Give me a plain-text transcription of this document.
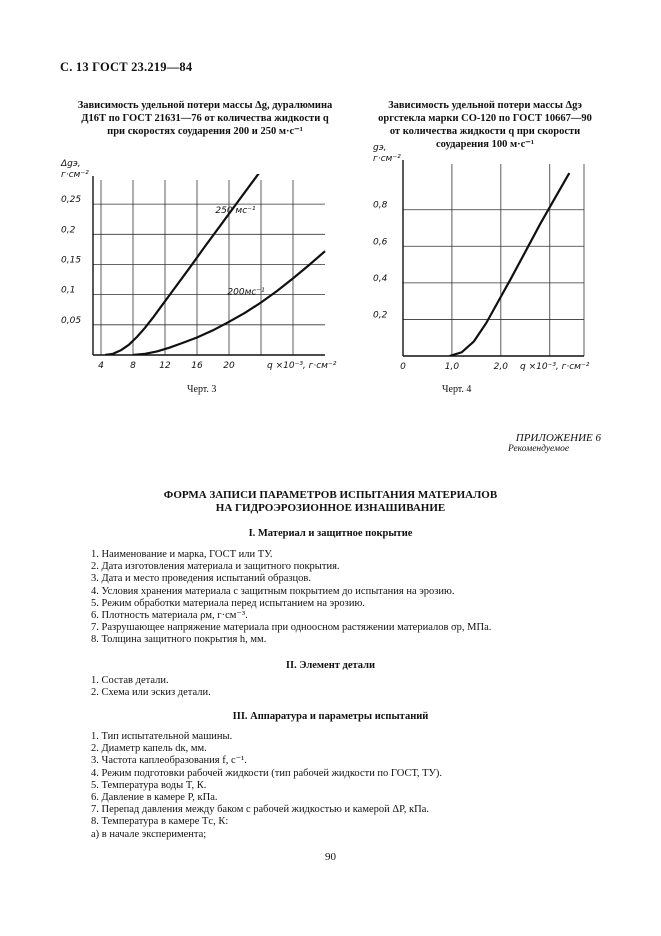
С. 13 ГОСТ 23.219—84
Зависимость удельной потери массы Δg, дуралюмина
Д16Т по ГОСТ 21631—76 от количества жидкости q
при скоростях соударения 200 и 250 м·с⁻¹
Зависимость удельной потери массы Δgэ
оргстекла марки СО-120 по ГОСТ 10667—90
от количества жидкости q при скорости
соударения 100 м·с⁻¹
0,05
0,1
0,15
0,2
0,25
4	8	12 16 20
Δgэ,
г·см⁻²
q ×10⁻³, г·см⁻²
250 мс⁻¹
200мс⁻¹
0,2
0,4
0,6
0,8
0	1,0	2,0
gэ,
г·см⁻²
q ×10⁻³, г·см⁻²
Черт. 3	Черт. 4
ПРИЛОЖЕНИЕ 6
Рекомендуемое
ФОРМА ЗАПИСИ ПАРАМЕТРОВ ИСПЫТАНИЯ МАТЕРИАЛОВ
НА ГИДРОЭРОЗИОННОЕ ИЗНАШИВАНИЕ
I. Материал и защитное покрытие
1. Наименование и марка, ГОСТ или ТУ.
2. Дата изготовления материала и защитного покрытия.
3. Дата и место проведения испытаний образцов.
4. Условия хранения материала с защитным покрытием до испытания на эрозию.
5. Режим обработки материала перед испытанием на эрозию.
6. Плотность материала ρм, г·см⁻³.
7. Разрушающее напряжение материала при одноосном растяжении материалов σр, МПа.
8. Толщина защитного покрытия h, мм.
II. Элемент детали
1. Состав детали.
2. Схема или эскиз детали.
III. Аппаратура и параметры испытаний
1. Тип испытательной машины.
2. Диаметр капель dк, мм.
3. Частота каплеобразования f, с⁻¹.
4. Режим подготовки рабочей жидкости (тип рабочей жидкости по ГОСТ, ТУ).
5. Температура воды T, К.
6. Давление в камере P, кПа.
7. Перепад давления между баком с рабочей жидкостью и камерой ΔP, кПа.
8. Температура в камере Tс, К:
а) в начале эксперимента;
90
